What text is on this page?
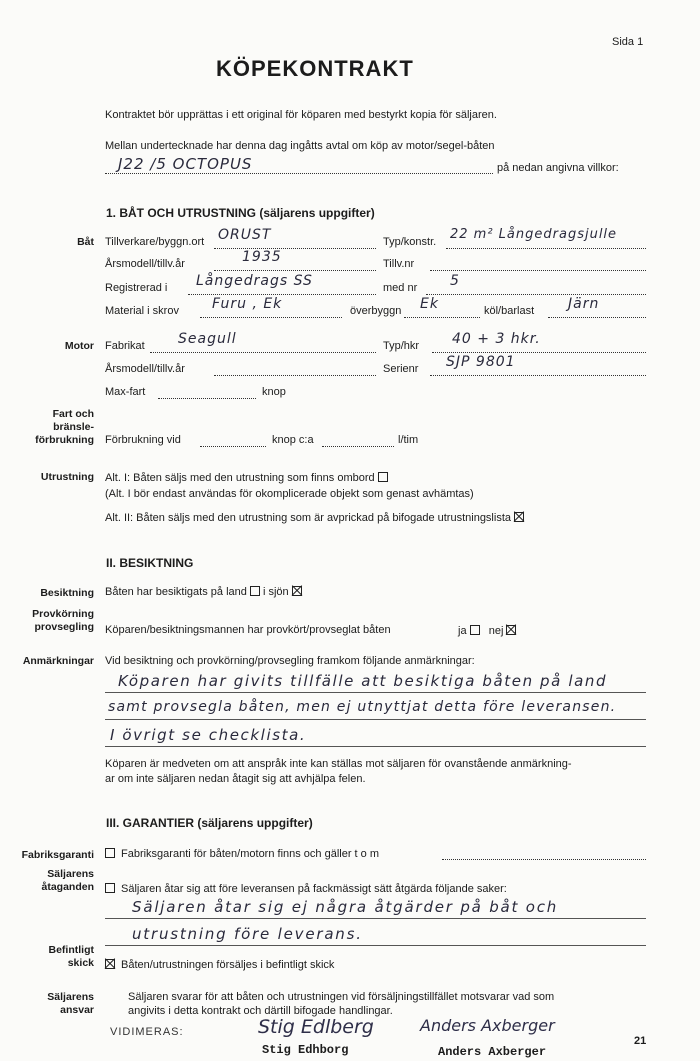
Sida 1
KÖPEKONTRAKT
Kontraktet bör upprättas i ett original för köparen med bestyrkt kopia för säljaren.
Mellan undertecknade har denna dag ingåtts avtal om köp av motor/segel-båten
J22 /5 OCTOPUS	på nedan angivna villkor:
1. BÅT OCH UTRUSTNING (säljarens uppgifter)
Båt Tillverkare/byggn.ort ORUST	Typ/konstr. 22 m² Långedragsjulle
Årsmodell/tillv.år	1935	Tillv.nr
Registrerad i Långedrags SS	med nr 5
Material i skrov Furu , Ek	överbyggn Ek	köl/barlast Järn
Motor Fabrikat Seagull	Typ/hkr 40 + 3 hkr.
Årsmodell/tillv.år	Serienr SJP 9801
Max-fart	knop
Fart och bränsle-förbrukning Förbrukning vid	knop c:a	l/tim
Utrustning Alt. I: Båten säljs med den utrustning som finns ombord
(Alt. I bör endast användas för okomplicerade objekt som genast avhämtas)
Alt. II: Båten säljs med den utrustning som är avprickad på bifogade utrustningslista
II. BESIKTNING
Besiktning Båten har besiktigats på land i sjön
Provkörning provsegling Köparen/besiktningsmannen har provkört/provseglat båten	ja nej
Anmärkningar Vid besiktning och provkörning/provsegling framkom följande anmärkningar:
Köparen har givits tillfälle att besiktiga båten på land
samt provsegla båten, men ej utnyttjat detta före leveransen.
I övrigt se checklista.
Köparen är medveten om att anspråk inte kan ställas mot säljaren för ovanstående anmärkning-
ar om inte säljaren nedan åtagit sig att avhjälpa felen.
III. GARANTIER (säljarens uppgifter)
Fabriksgaranti	Fabriksgaranti för båten/motorn finns och gäller t o m
Säljarens åtaganden	Säljaren åtar sig att före leveransen på fackmässigt sätt åtgärda följande saker:
Säljaren åtar sig ej några åtgärder på båt och
utrustning före leverans.
Befintligt skick	Båten/utrustningen försäljes i befintligt skick
Säljarens ansvar
Säljaren svarar för att båten och utrustningen vid försäljningstillfället motsvarar vad som
angivits i detta kontrakt och därtill bifogade handlingar.
VIDIMERAS:	Stig Edlberg
Stig Edhborg
Anders Axberger
Anders Axberger
21
